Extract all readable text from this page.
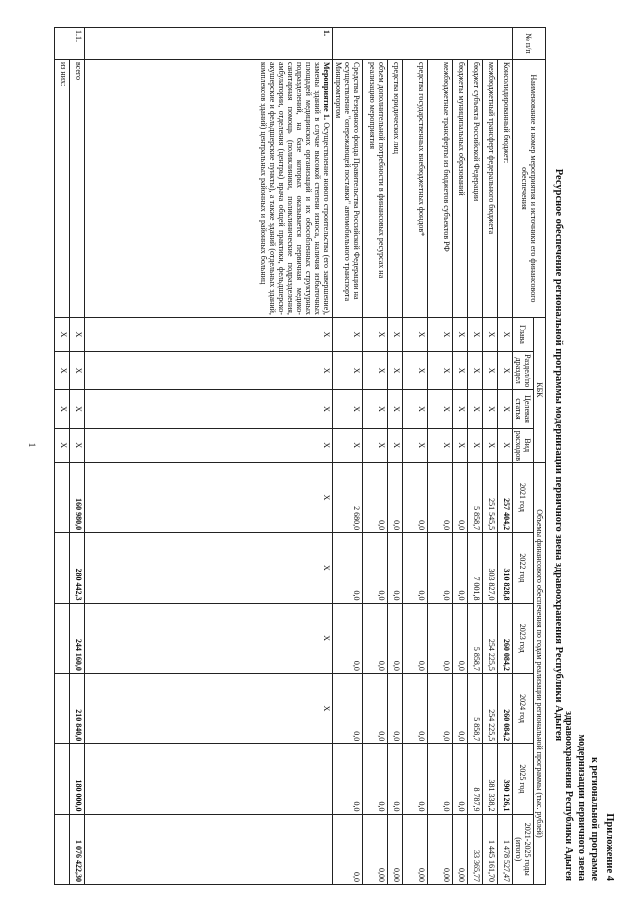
1
Приложение 4
к региональной программе
модернизации первичного звена
здравоохранения Республики Адыгея
Ресурсное обеспечение региональной программы модернизации первичного звена здравоохранения Республики Адыгея
№ п/п	Наименование и номер мероприятия и источники его финансового обеспечения	КБК				Объемы финансового обеспечения по годам реализации региональной программы (тыс. рублей)					
		Глава	Раздел/по драздел	Целевая статья	Вид расходов	2021 год	2022 год	2023 год	2024 год	2025 год	2021-2025 годы (итого)
	Консолидированный бюджет:	X	X	X	X	257 404,2	310 828,8	260 084,2	260 084,2	390 126,1	1 478 527,47
	межбюджетный трансферт федерального бюджета	X	X	X	X	251 545,5	303 827,0	254 225,5	254 225,5	381 338,2	1 445 161,70
	бюджет субъекта Российской Федерации	X	X	X	X	5 858,7	7 001,8	5 858,7	5 858,7	8 787,9	33 365,77
	бюджеты муниципальных образований	X	X	X	X	0,0	0,0	0,0	0,0	0,0	0,00
	межбюджетные трансферты из бюджетов субъектов РФ	X	X	X	X	0,0	0,0	0,0	0,0	0,0	0,00
	средства государственных внебюджетных фондов*	X	X	X	X	0,0	0,0	0,0	0,0	0,0	0,00
	средства юридических лиц	X	X	X	X	0,0	0,0	0,0	0,0	0,0	0,00
	объем дополнительной потребности в финансовых ресурсах на реализацию мероприятия	X	X	X	X	0,0	0,0	0,0	0,0	0,0	0,00
	Средства Резервного фонда Правительства Российской Федерации на осуществление "опережающей поставки" автомобильного транспорта Минпромторгом	X	X	X	X	2 680,0	0,0	0,0	0,0	0,0	0,0
1.	Мероприятие 1. Осуществление нового строительства (его завершение), замены зданий в случае высокой степени износа, наличия избыточных площадей медицинских организаций и их обособленных структурных подразделений, на базе которых оказывается первичная медико-санитарная помощь (поликлиники, поликлинические подразделения, амбулатории, отделения (центры) врача общей практики, фельдшерско-акушерские и фельдшерские пункты), а также зданий (отдельных зданий, комплексов зданий) центральных районных и районных больниц	X	X	X	X	X	X	X	X		
1.1.	всего	X	X	X	X	160 980,0	280 442,3	244 160,0	210 840,0	180 000,0	1 076 422,30
	из них:	X	X	X	X						
